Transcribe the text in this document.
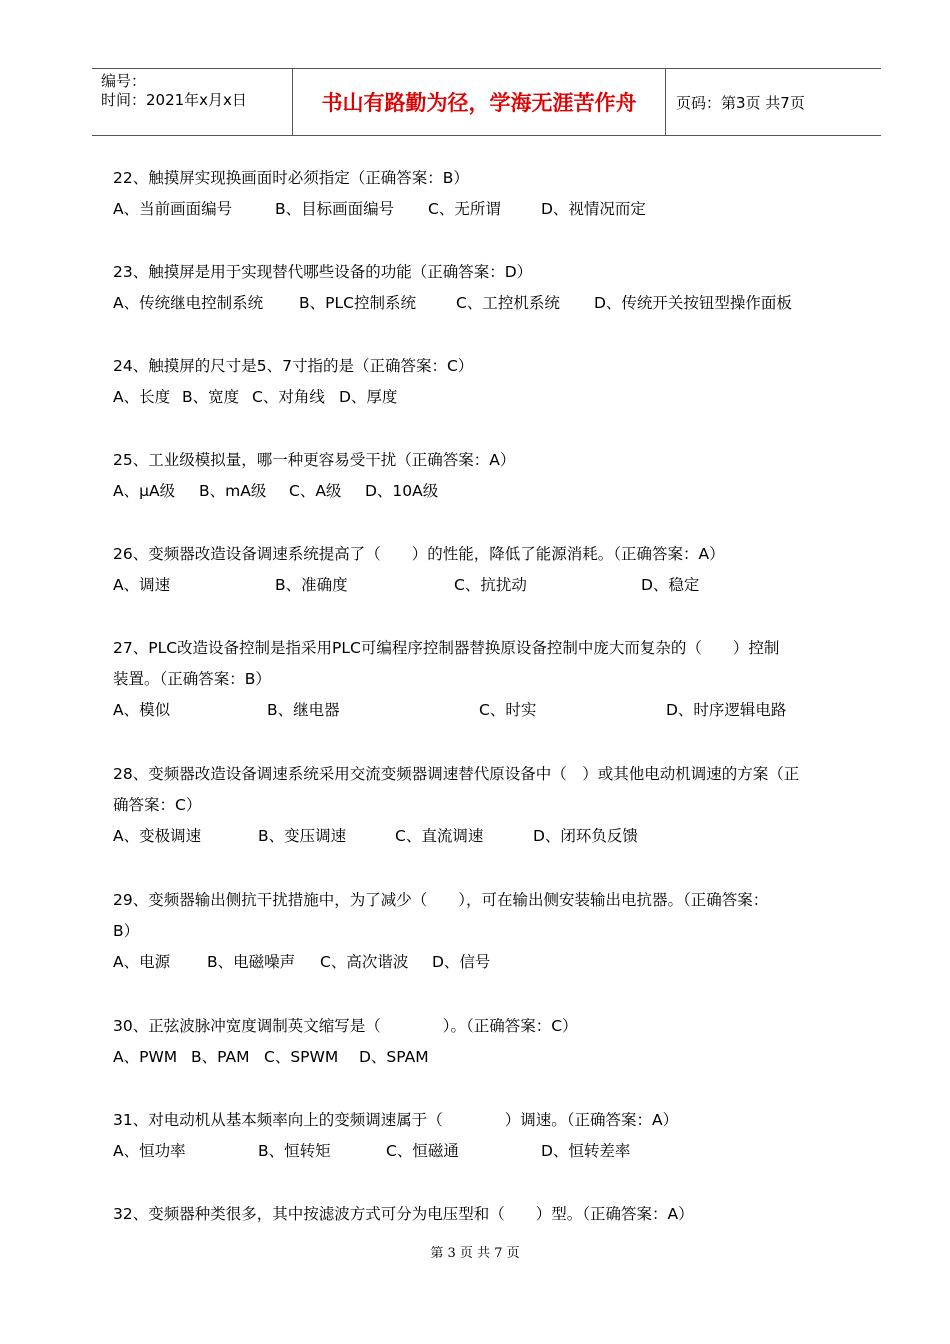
编号：
时间：2021年x月x日	书山有路勤为径，学海无涯苦作舟	页码：第3页 共7页
22、触摸屏实现换画面时必须指定（正确答案：B）
A、当前画面编号	B、目标画面编号 C、无所谓	D、视情况而定
23、触摸屏是用于实现替代哪些设备的功能（正确答案：D）
A、传统继电控制系统 B、PLC控制系统	C、工控机系统 D、传统开关按钮型操作面板
24、触摸屏的尺寸是5、7寸指的是（正确答案：C）
A、长度 B、宽度 C、对角线 D、厚度
25、工业级模拟量，哪一种更容易受干扰（正确答案：A）
A、μA级 B、mA级 C、A级 D、10A级
26、变频器改造设备调速系统提高了（　　）的性能，降低了能源消耗。（正确答案：A）
A、调速	B、准确度	C、抗扰动	D、稳定
27、PLC改造设备控制是指采用PLC可编程序控制器替换原设备控制中庞大而复杂的（　　）控制
装置。（正确答案：B）
A、模似	B、继电器	C、时实	D、时序逻辑电路
28、变频器改造设备调速系统采用交流变频器调速替代原设备中（　）或其他电动机调速的方案（正
确答案：C）
A、变极调速	B、变压调速	C、直流调速	D、闭环负反馈
29、变频器输出侧抗干扰措施中，为了减少（　　），可在输出侧安装输出电抗器。（正确答案：
B）
A、电源 B、电磁噪声 C、高次谐波 D、信号
30、正弦波脉冲宽度调制英文缩写是（　　　　）。（正确答案：C）
A、PWM B、PAM C、SPWM D、SPAM
31、对电动机从基本频率向上的变频调速属于（　　　　）调速。（正确答案：A）
A、恒功率	B、恒转矩	C、恒磁通	D、恒转差率
32、变频器种类很多，其中按滤波方式可分为电压型和（　　）型。（正确答案：A）
第 3 页 共 7 页
